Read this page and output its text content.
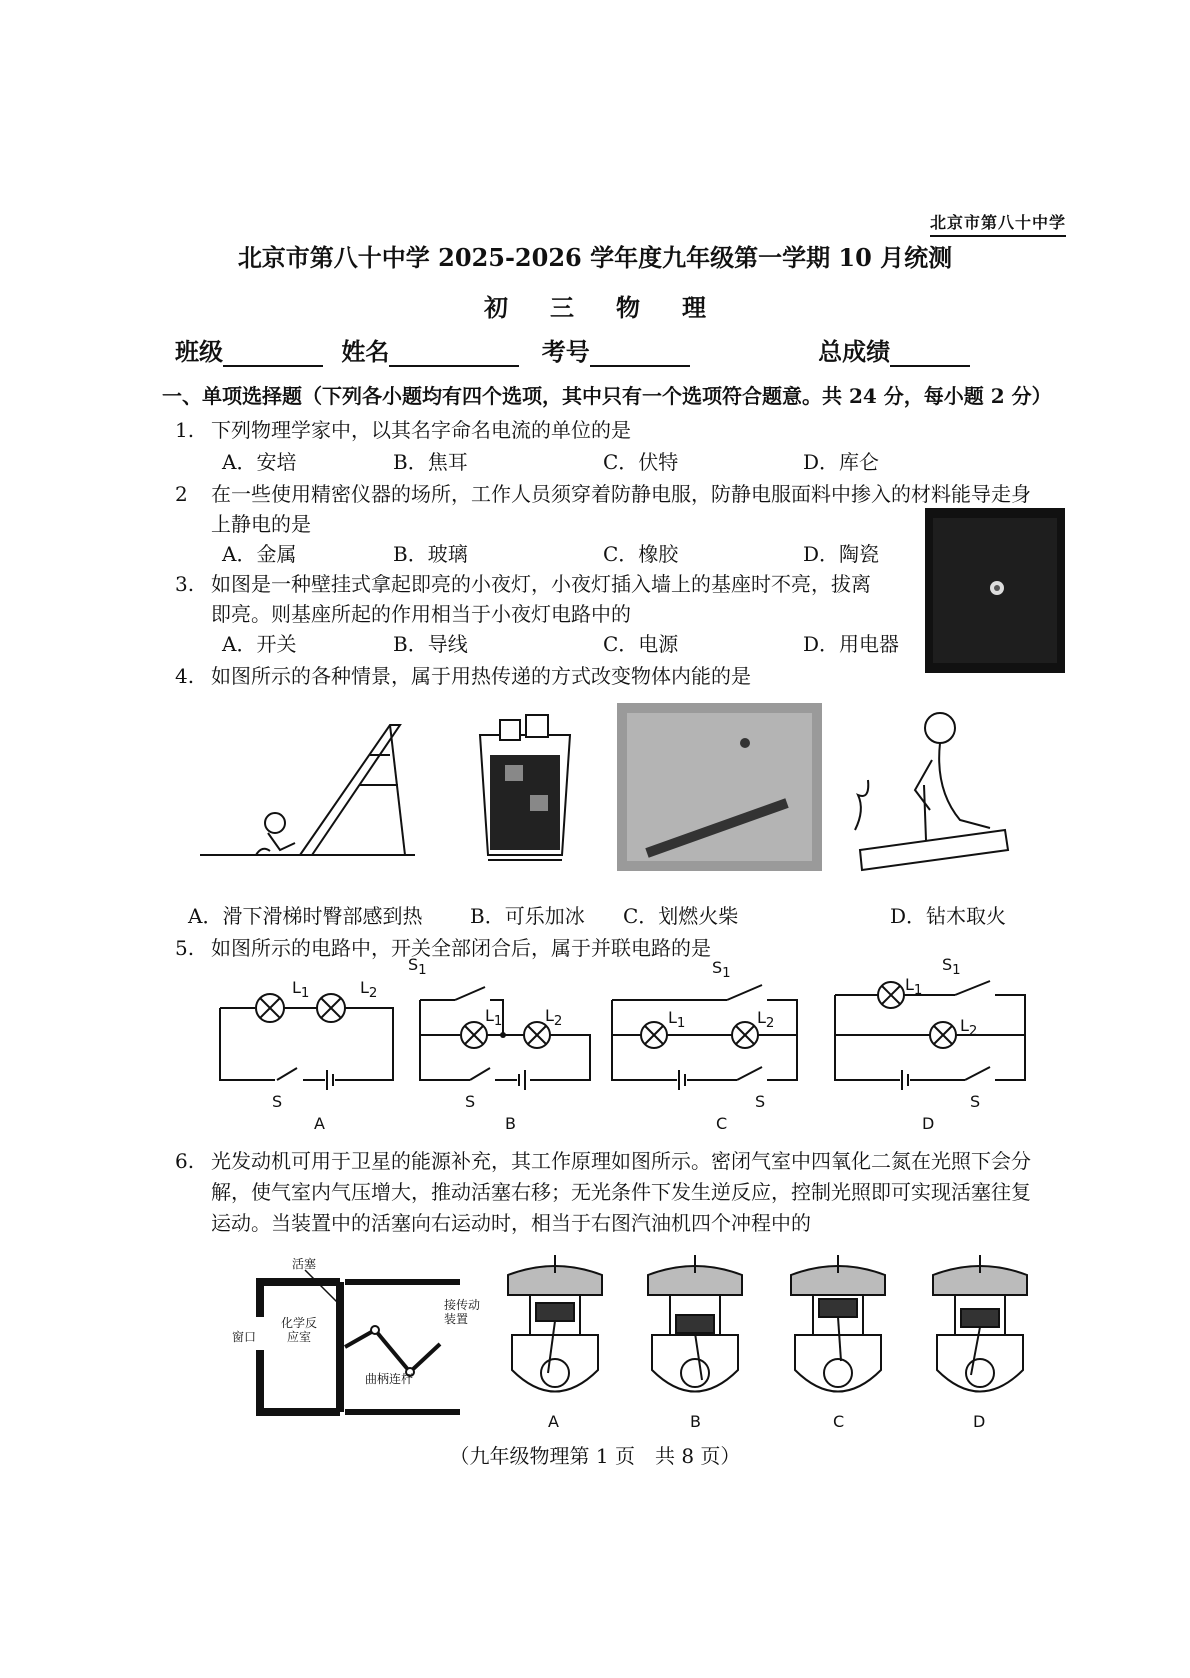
北京市第八十中学
北京市第八十中学 2025-2026 学年度九年级第一学期 10 月统测
初三物理
班级	姓名	考号	总成绩
一、单项选择题（下列各小题均有四个选项，其中只有一个选项符合题意。共 24 分，每小题 2 分）
1. 下列物理学家中，以其名字命名电流的单位的是
A．安培	B．焦耳	C．伏特	D．库仑
2 在一些使用精密仪器的场所，工作人员须穿着防静电服，防静电服面料中掺入的材料能导走身
上静电的是
A．金属	B．玻璃	C．橡胶	D．陶瓷
3. 如图是一种壁挂式拿起即亮的小夜灯，小夜灯插入墙上的基座时不亮，拔离
即亮。则基座所起的作用相当于小夜灯电路中的
A．开关	B．导线	C．电源	D．用电器
4. 如图所示的各种情景，属于用热传递的方式改变物体内能的是
A．滑下滑梯时臀部感到热 B．可乐加冰 C．划燃火柴	D．钻木取火
5. 如图所示的电路中，开关全部闭合后，属于并联电路的是
$L_1$	$L_2$
S
A
$S_1$
$L_1$	$L_2$
S
B
$S_1$
$L_1$	$L_2$
S
C
$L_1$
$S_1$
$L_2$
S
D
6. 光发动机可用于卫星的能源补充，其工作原理如图所示。密闭气室中四氧化二氮在光照下会分
解，使气室内气压增大，推动活塞右移；无光条件下发生逆反应，控制光照即可实现活塞往复
运动。当装置中的活塞向右运动时，相当于右图汽油机四个冲程中的
活塞
窗口
化学反应室
曲柄连杆
接传动装置
A	B	C	D
（九年级物理第 1 页　共 8 页）
